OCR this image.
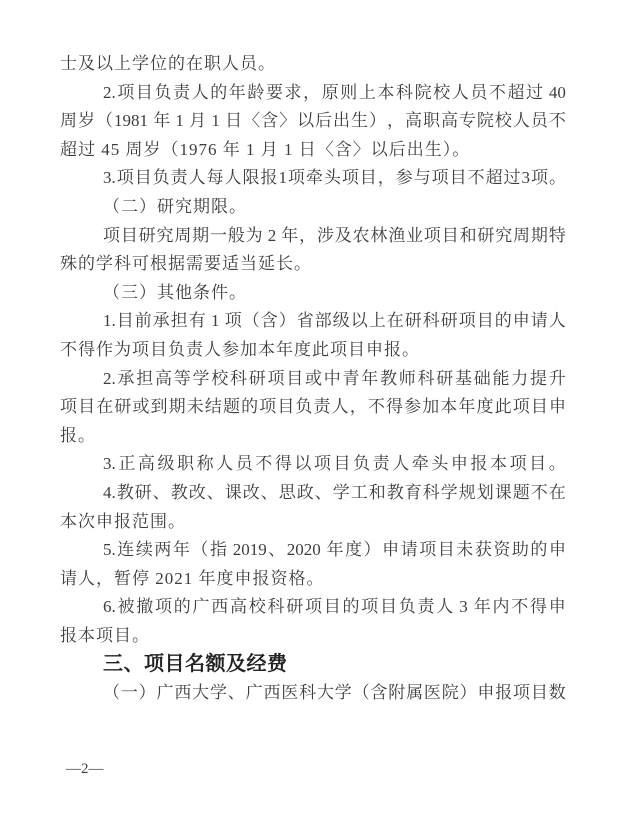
士及以上学位的在职人员。
2. 项 目 负 责 人 的 年 龄 要 求 ， 原 则 上 本 科 院 校 人 员 不 超 过 40
周 岁 （ 1981 年 1 月 1 日 〈 含 〉 以 后 出 生 ） ， 高 职 高 专 院 校 人 员 不
超过 45 周岁（1976 年 1 月 1 日〈含〉以后出生）。
3. 项 目 负 责 人 每 人 限 报 1 项 牵 头 项 目 ， 参 与 项 目 不 超 过 3 项 。
（二）研究期限。
项 目 研 究 周 期 一 般 为 2 年 ， 涉 及 农 林 渔 业 项 目 和 研 究 周 期 特
殊的学科可根据需要适当延长。
（三）其他条件。
1. 目 前 承 担 有 1 项 （ 含 ） 省 部 级 以 上 在 研 科 研 项 目 的 申 请 人
不得作为项目负责人参加本年度此项目申报。
2. 承 担 高 等 学 校 科 研 项 目 或 中 青 年 教 师 科 研 基 础 能 力 提 升
项 目 在 研 或 到 期 未 结 题 的 项 目 负 责 人 ， 不 得 参 加 本 年 度 此 项 目 申
报。
3. 正 高 级 职 称 人 员 不 得 以 项 目 负 责 人 牵 头 申 报 本 项 目 。
4. 教 研 、 教 改 、 课 改 、 思 政 、 学 工 和 教 育 科 学 规 划 课 题 不 在
本次申报范围。
5. 连 续 两 年 （ 指 2019 、 2020 年 度 ） 申 请 项 目 未 获 资 助 的 申
请人，暂停 2021 年度申报资格。
6. 被 撤 项 的 广 西 高 校 科 研 项 目 的 项 目 负 责 人 3 年 内 不 得 申
报本项目。
三、项目名额及经费
（ 一 ） 广 西 大 学 、 广 西 医 科 大 学 （ 含 附 属 医 院 ） 申 报 项 目 数
—2—
